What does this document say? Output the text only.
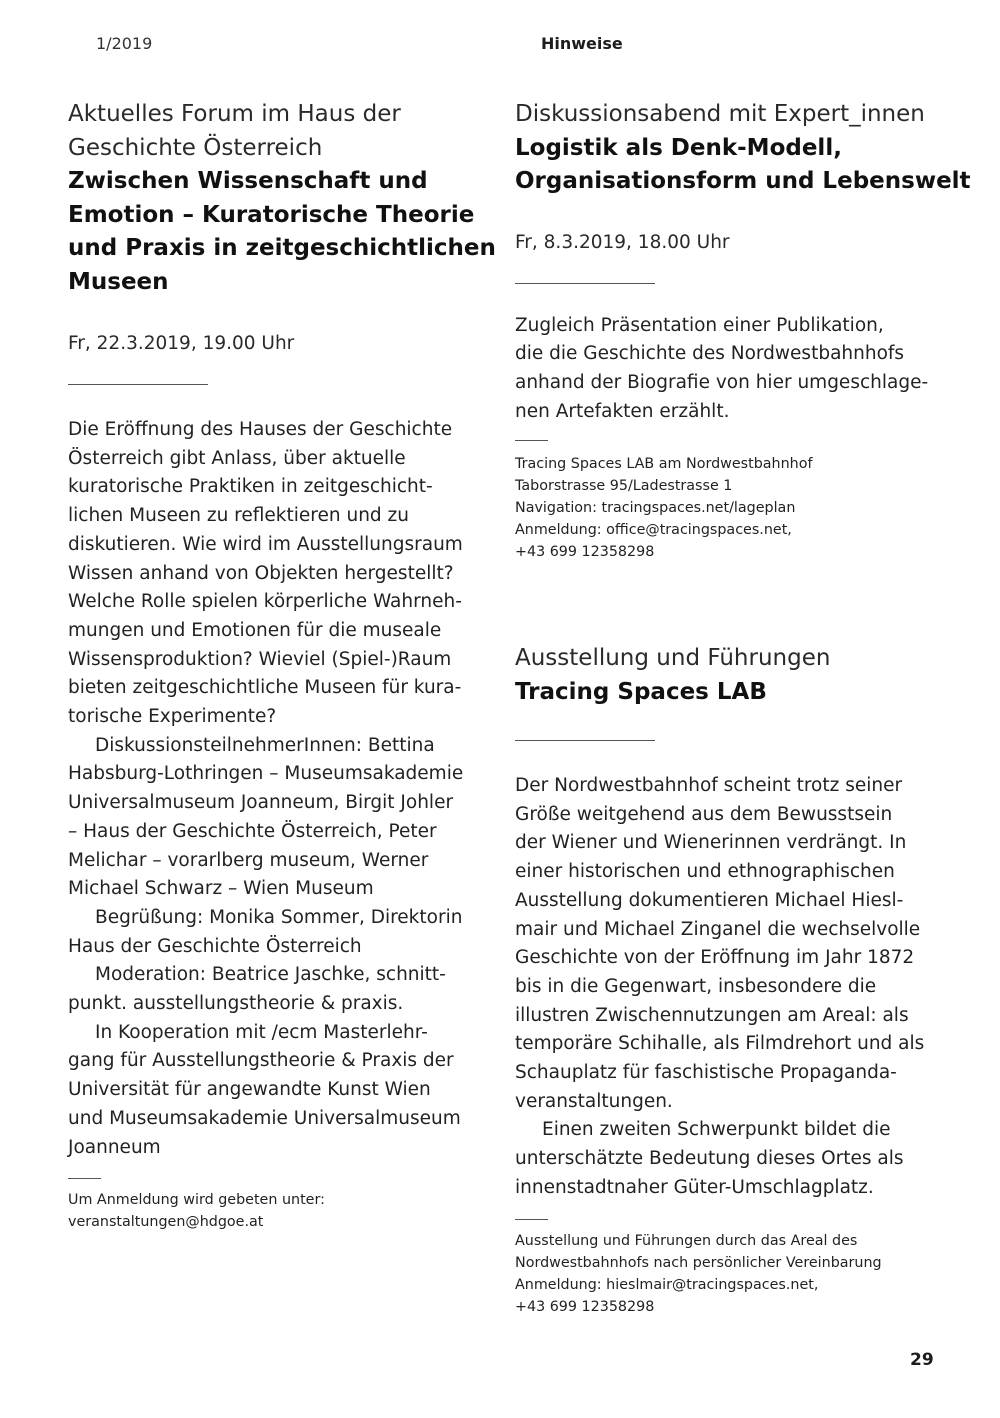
1/2019	Hinweise
Aktuelles Forum im Haus der
Geschichte Österreich
Zwischen Wissenschaft und
Emotion – Kuratorische Theorie
und Praxis in zeitgeschichtlichen
Museen
Fr, 22.3.2019, 19.00 Uhr

Die Eröffnung des Hauses der Geschichte
Österreich gibt Anlass, über aktuelle
kuratorische Praktiken in zeitgeschicht-
lichen Museen zu reflektieren und zu
diskutieren. Wie wird im Ausstellungsraum
Wissen anhand von Objekten hergestellt?
Welche Rolle spielen körperliche Wahrneh-
mungen und Emotionen für die museale
Wissensproduktion? Wieviel (Spiel-)Raum
bieten zeitgeschichtliche Museen für kura-
torische Experimente?

DiskussionsteilnehmerInnen: Bettina
Habsburg-Lothringen – Museumsakademie
Universalmuseum Joanneum, Birgit Johler
– Haus der Geschichte Österreich, Peter
Melichar – vorarlberg museum, Werner
Michael Schwarz – Wien Museum

Begrüßung: Monika Sommer, Direktorin
Haus der Geschichte Österreich

Moderation: Beatrice Jaschke, schnitt-
punkt. ausstellungstheorie & praxis.

In Kooperation mit /ecm Masterlehr-
gang für Ausstellungstheorie & Praxis der
Universität für angewandte Kunst Wien
und Museumsakademie Universalmuseum
Joanneum

Um Anmeldung wird gebeten unter:
veranstaltungen@hdgoe.at
Diskussionsabend mit Expert_innen
Logistik als Denk-Modell,
Organisationsform und Lebenswelt
Fr, 8.3.2019, 18.00 Uhr

Zugleich Präsentation einer Publikation,
die die Geschichte des Nordwestbahnhofs
anhand der Biografie von hier umgeschlage-
nen Artefakten erzählt.

Tracing Spaces LAB am Nordwestbahnhof
Taborstrasse 95/Ladestrasse 1
Navigation: tracingspaces.net/lageplan
Anmeldung: office@tracingspaces.net,
+43 699 12358298
Ausstellung und Führungen
Tracing Spaces LAB

Der Nordwestbahnhof scheint trotz seiner
Größe weitgehend aus dem Bewusstsein
der Wiener und Wienerinnen verdrängt. In
einer historischen und ethnographischen
Ausstellung dokumentieren Michael Hiesl-
mair und Michael Zinganel die wechselvolle
Geschichte von der Eröffnung im Jahr 1872
bis in die Gegenwart, insbesondere die
illustren Zwischennutzungen am Areal: als
temporäre Schihalle, als Filmdrehort und als
Schauplatz für faschistische Propaganda-
veranstaltungen.

Einen zweiten Schwerpunkt bildet die
unterschätzte Bedeutung dieses Ortes als
innenstadtnaher Güter-Umschlagplatz.

Ausstellung und Führungen durch das Areal des
Nordwestbahnhofs nach persönlicher Vereinbarung
Anmeldung: hieslmair@tracingspaces.net,
+43 699 12358298
29
